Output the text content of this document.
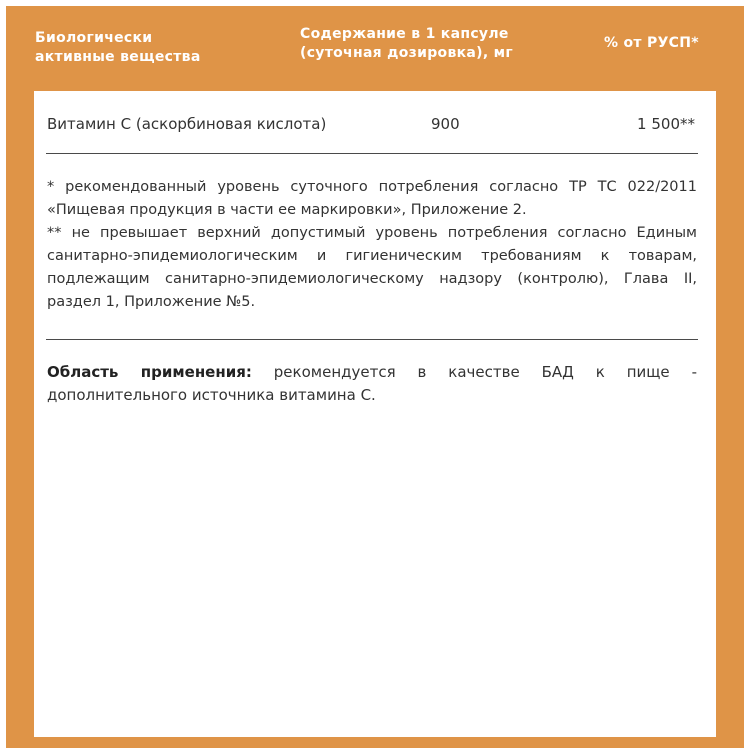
Биологически
активные вещества
Содержание в 1 капсуле
(суточная дозировка), мг
% от РУСП*
Витамин С (аскорбиновая кислота)	900	1 500**

* рекомендованный уровень суточного потребления согласно ТР ТС 022/2011 «Пищевая продукция в части ее маркировки», Приложение 2.

** не превышает верхний допустимый уровень потребления согласно Единым санитарно-эпидемиологическим и гигиеническим требованиям к товарам, подлежащим санитарно-эпидемиологическому надзору (контролю), Глава II, раздел 1, Приложение №5.

Область применения: рекомендуется в качестве БАД к пище - дополнительного источника витамина С.
